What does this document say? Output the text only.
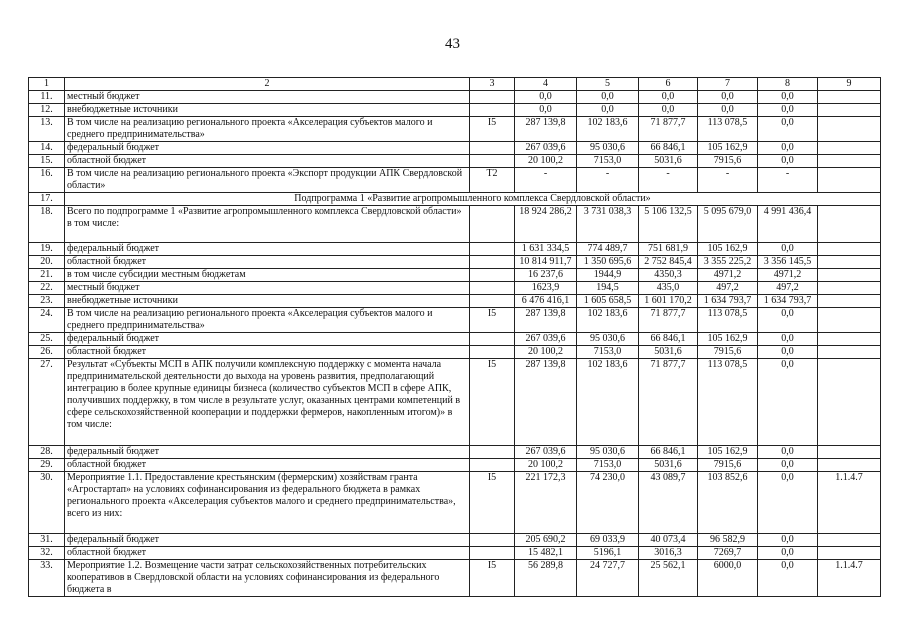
43
1	2	3	4	5	6	7	8	9
11.	местный бюджет		0,0	0,0	0,0	0,0	0,0	
12.	внебюджетные источники		0,0	0,0	0,0	0,0	0,0	
13.	В том числе на реализацию регионального проекта «Акселерация субъектов малого и среднего предпринимательства»	I5	287 139,8	102 183,6	71 877,7	113 078,5	0,0	
14.	федеральный бюджет		267 039,6	95 030,6	66 846,1	105 162,9	0,0	
15.	областной бюджет		20 100,2	7153,0	5031,6	7915,6	0,0	
16.	В том числе на реализацию регионального проекта «Экспорт продукции АПК Свердловской области»	T2	-	-	-	-	-	
17.	Подпрограмма 1 «Развитие агропромышленного комплекса Свердловской области»							
18.	Всего по подпрограмме 1 «Развитие агропромышленного комплекса Свердловской области» в том числе:		18 924 286,2	3 731 038,3	5 106 132,5	5 095 679,0	4 991 436,4	
19.	федеральный бюджет		1 631 334,5	774 489,7	751 681,9	105 162,9	0,0	
20.	областной бюджет		10 814 911,7	1 350 695,6	2 752 845,4	3 355 225,2	3 356 145,5	
21.	в том числе субсидии местным бюджетам		16 237,6	1944,9	4350,3	4971,2	4971,2	
22.	местный бюджет		1623,9	194,5	435,0	497,2	497,2	
23.	внебюджетные источники		6 476 416,1	1 605 658,5	1 601 170,2	1 634 793,7	1 634 793,7	
24.	В том числе на реализацию регионального проекта «Акселерация субъектов малого и среднего предпринимательства»	I5	287 139,8	102 183,6	71 877,7	113 078,5	0,0	
25.	федеральный бюджет		267 039,6	95 030,6	66 846,1	105 162,9	0,0	
26.	областной бюджет		20 100,2	7153,0	5031,6	7915,6	0,0	
27.	Результат «Субъекты МСП в АПК получили комплексную поддержку с момента начала предпринимательской деятельности до выхода на уровень развития, предполагающий интеграцию в более крупные единицы бизнеса (количество субъектов МСП в сфере АПК, получивших поддержку, в том числе в результате услуг, оказанных центрами компетенций в сфере сельскохозяйственной кооперации и поддержки фермеров, накопленным итогом)» в том числе:	I5	287 139,8	102 183,6	71 877,7	113 078,5	0,0	
28.	федеральный бюджет		267 039,6	95 030,6	66 846,1	105 162,9	0,0	
29.	областной бюджет		20 100,2	7153,0	5031,6	7915,6	0,0	
30.	Мероприятие 1.1. Предоставление крестьянским (фермерским) хозяйствам гранта «Агростартап» на условиях софинансирования из федерального бюджета в рамках регионального проекта «Акселерация субъектов малого и среднего предпринимательства», всего из них:	I5	221 172,3	74 230,0	43 089,7	103 852,6	0,0	1.1.4.7
31.	федеральный бюджет		205 690,2	69 033,9	40 073,4	96 582,9	0,0	
32.	областной бюджет		15 482,1	5196,1	3016,3	7269,7	0,0	
33.	Мероприятие 1.2. Возмещение части затрат сельскохозяйственных потребительских кооперативов в Свердловской области на условиях софинансирования из федерального бюджета в	I5	56 289,8	24 727,7	25 562,1	6000,0	0,0	1.1.4.7
